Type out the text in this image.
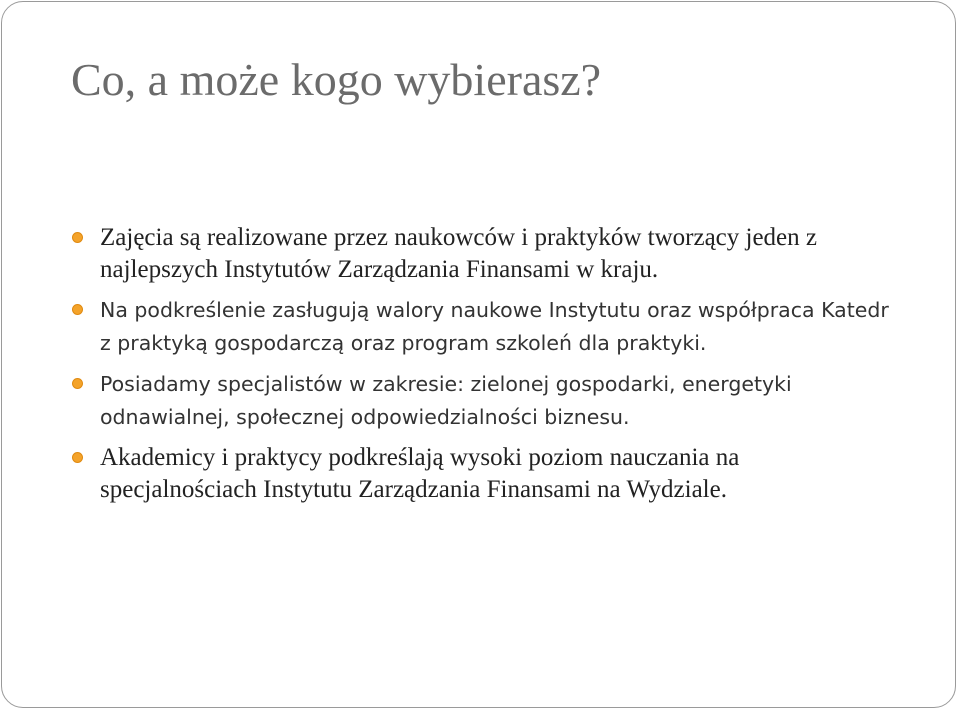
Co, a może kogo wybierasz?
Zajęcia są realizowane przez naukowców i praktyków tworzący jeden z najlepszych Instytutów Zarządzania Finansami w kraju.
Na podkreślenie zasługują walory naukowe Instytutu oraz współpraca Katedr z praktyką gospodarczą oraz program szkoleń dla praktyki.
Posiadamy specjalistów w zakresie: zielonej gospodarki, energetyki odnawialnej, społecznej odpowiedzialności biznesu.
Akademicy i praktycy podkreślają wysoki poziom nauczania na specjalnościach Instytutu Zarządzania Finansami na Wydziale.
